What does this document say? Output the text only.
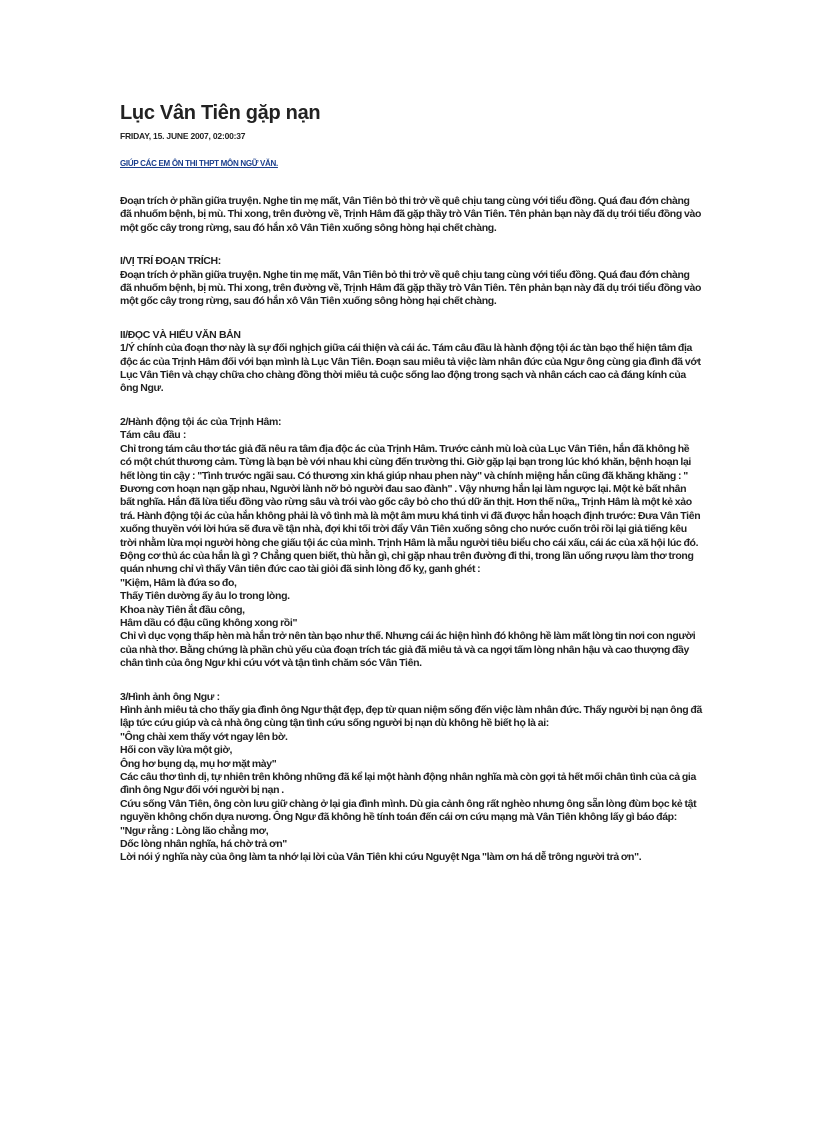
Lục Vân Tiên gặp nạn
FRIDAY, 15. JUNE 2007, 02:00:37
GIÚP CÁC EM ÔN THI THPT MÔN NGỮ VĂN.

Đoạn trích ở phần giữa truyện. Nghe tin mẹ mất, Vân Tiên bỏ thi trở về quê chịu tang cùng với tiểu đồng. Quá đau đớn chàng đã nhuốm bệnh, bị mù. Thi xong, trên đường về, Trịnh Hâm đã gặp thầy trò Vân Tiên. Tên phản bạn này đã dụ trói tiểu đồng vào một gốc cây trong rừng, sau đó hắn xô Vân Tiên xuống sông hòng hại chết chàng.

I/VỊ TRÍ ĐOẠN TRÍCH:

Đoạn trích ở phần giữa truyện. Nghe tin mẹ mất, Vân Tiên bỏ thi trở về quê chịu tang cùng với tiểu đồng. Quá đau đớn chàng đã nhuốm bệnh, bị mù. Thi xong, trên đường về, Trịnh Hâm đã gặp thầy trò Vân Tiên. Tên phản bạn này đã dụ trói tiểu đồng vào một gốc cây trong rừng, sau đó hắn xô Vân Tiên xuống sông hòng hại chết chàng.

II/ĐỌC VÀ HIỂU VĂN BẢN

1/Ý chính của đoạn thơ này là sự đối nghịch giữa cái thiện và cái ác. Tám câu đầu là hành động tội ác tàn bạo thể hiện tâm địa độc ác của Trịnh Hâm đối với bạn mình là Lục Vân Tiên. Đoạn sau miêu tả việc làm nhân đức của Ngư ông cùng gia đình đã vớt Lục Vân Tiên và chạy chữa cho chàng đồng thời miêu tả cuộc sống lao động trong sạch và nhân cách cao cả đáng kính của ông Ngư.

2/Hành động tội ác của Trịnh Hâm:
Tám câu đầu :

Chỉ trong tám câu thơ tác giả đã nêu ra tâm địa độc ác của Trịnh Hâm. Trước cảnh mù loà của Lục Vân Tiên, hắn đã không hề có một chút thương cảm. Từng là bạn bè với nhau khi cùng đến trường thi. Giờ gặp lại bạn trong lúc khó khăn, bệnh hoạn lại hết lòng tin cậy : "Tình trước ngãi sau. Có thương xin khá giúp nhau phen này" và chính miệng hắn cũng đã khăng khăng : " Đương cơn hoạn nạn gặp nhau, Người lành nỡ bỏ người đau sao đành" . Vậy nhưng hắn lại làm ngược lại. Một kẻ bất nhân bất nghĩa. Hắn đã lừa tiểu đồng vào rừng sâu và trói vào gốc cây bỏ cho thú dữ ăn thịt. Hơn thế nữa,, Trịnh Hâm là một kẻ xảo trá. Hành động tội ác của hắn không phải là vô tình mà là một âm mưu khá tinh vi đã được hắn hoạch định trước: Đưa Vân Tiên xuống thuyền với lời hứa sẽ đưa về tận nhà, đợi khi tối trời đẩy Vân Tiên xuống sông cho nước cuốn trôi rồi lại giả tiếng kêu trời nhằm lừa mọi người hòng che giấu tội ác của mình. Trịnh Hâm là mẫu người tiêu biểu cho cái xấu, cái ác của xã hội lúc đó.

Động cơ thủ ác của hắn là gì ? Chẳng quen biết, thù hằn gì, chỉ gặp nhau trên đường đi thi, trong lần uống rượu làm thơ trong quán nhưng chỉ vì thấy Vân tiên đức cao tài giỏi đã sinh lòng đố kỵ, ganh ghét :

"Kiệm, Hâm là đứa so đo,

Thấy Tiên dường ấy âu lo trong lòng.

Khoa này Tiên ắt đầu công,

Hâm dầu có đậu cũng không xong rồi"

Chỉ vì dục vọng thấp hèn mà hắn trở nên tàn bạo như thế. Nhưng cái ác hiện hình đó không hề làm mất lòng tin nơi con người của nhà thơ. Bằng chứng là phần chủ yếu của đoạn trích tác giả đã miêu tả và ca ngợi tấm lòng nhân hậu và cao thượng đầy chân tình của ông Ngư khi cứu vớt và tận tình chăm sóc Vân Tiên.

3/Hình ảnh ông Ngư :

Hình ảnh miêu tả cho thấy gia đình ông Ngư thật đẹp, đẹp từ quan niệm sống đến việc làm nhân đức. Thấy người bị nạn ông đã lập tức cứu giúp và cả nhà ông cùng tận tình cứu sống người bị nạn dù không hề biết họ là ai:

"Ông chài xem thấy vớt ngay lên bờ.

Hối con vầy lửa một giờ,

Ông hơ bụng dạ, mụ hơ mặt mày"

Các câu thơ tình dị, tự nhiên trên không những đã kể lại một hành động nhân nghĩa mà còn gợi tả hết mối chân tình của cả gia đình ông Ngư đối với người bị nạn .

Cứu sống Vân Tiên, ông còn lưu giữ chàng ở lại gia đình mình. Dù gia cảnh ông rất nghèo nhưng ông sẵn lòng đùm bọc kẻ tật nguyền không chốn dựa nương. Ông Ngư đã không hề tính toán đến cái ơn cứu mạng mà Vân Tiên không lấy gì báo đáp:

"Ngư rằng : Lòng lão chẳng mơ,

Dốc lòng nhân nghĩa, há chờ trả ơn"

Lời nói ý nghĩa này của ông làm ta nhớ lại lời của Vân Tiên khi cứu Nguyệt Nga "làm ơn há dễ trông người trả ơn".
